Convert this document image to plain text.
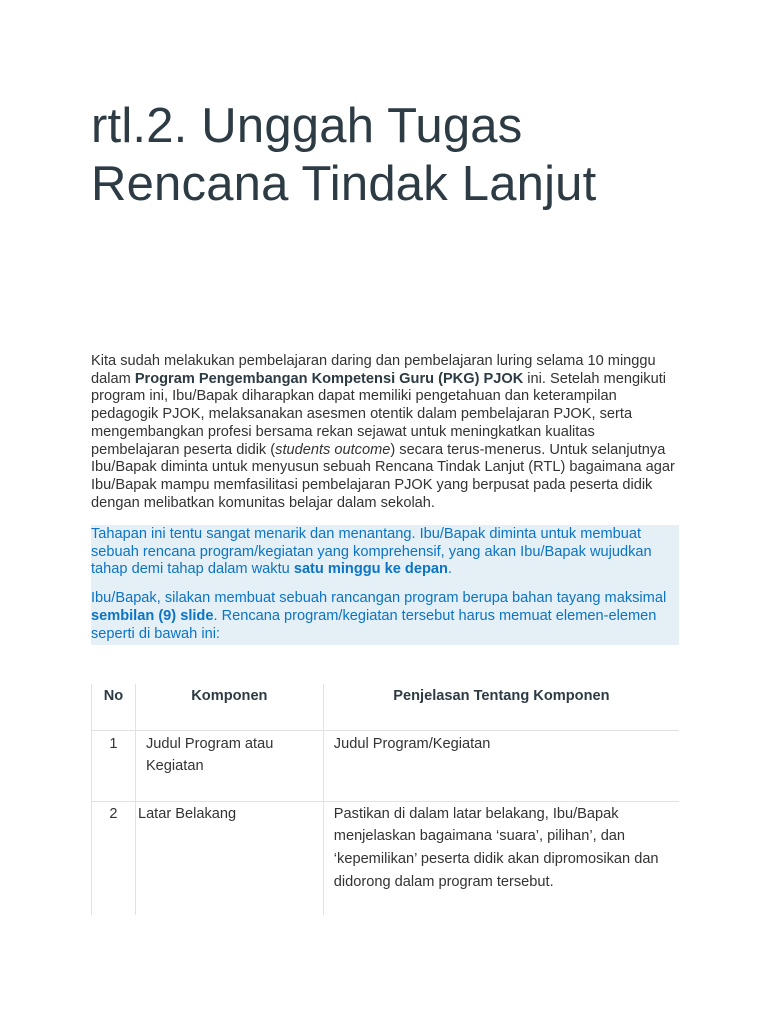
rtl.2. Unggah Tugas
Rencana Tindak Lanjut

Kita sudah melakukan pembelajaran daring dan pembelajaran luring selama 10 minggu dalam Program Pengembangan Kompetensi Guru (PKG) PJOK ini. Setelah mengikuti program ini, Ibu/Bapak diharapkan dapat memiliki pengetahuan dan keterampilan pedagogik PJOK, melaksanakan asesmen otentik dalam pembelajaran PJOK, serta mengembangkan profesi bersama rekan sejawat untuk meningkatkan kualitas pembelajaran peserta didik (students outcome) secara terus-menerus. Untuk selanjutnya Ibu/Bapak diminta untuk menyusun sebuah Rencana Tindak Lanjut (RTL) bagaimana agar Ibu/Bapak mampu memfasilitasi pembelajaran PJOK yang berpusat pada peserta didik dengan melibatkan komunitas belajar dalam sekolah.

Tahapan ini tentu sangat menarik dan menantang. Ibu/Bapak diminta untuk membuat sebuah rencana program/kegiatan yang komprehensif, yang akan Ibu/Bapak wujudkan tahap demi tahap dalam waktu satu minggu ke depan.

Ibu/Bapak, silakan membuat sebuah rancangan program berupa bahan tayang maksimal sembilan (9) slide. Rencana program/kegiatan tersebut harus memuat elemen-elemen seperti di bawah ini:

No	Komponen	Penjelasan Tentang Komponen
1	Judul Program atau Kegiatan	Judul Program/Kegiatan
2	Latar Belakang	Pastikan di dalam latar belakang, Ibu/Bapak menjelaskan bagaimana ‘suara’, pilihan’, dan ‘kepemilikan’ peserta didik akan dipromosikan dan didorong dalam program tersebut.
